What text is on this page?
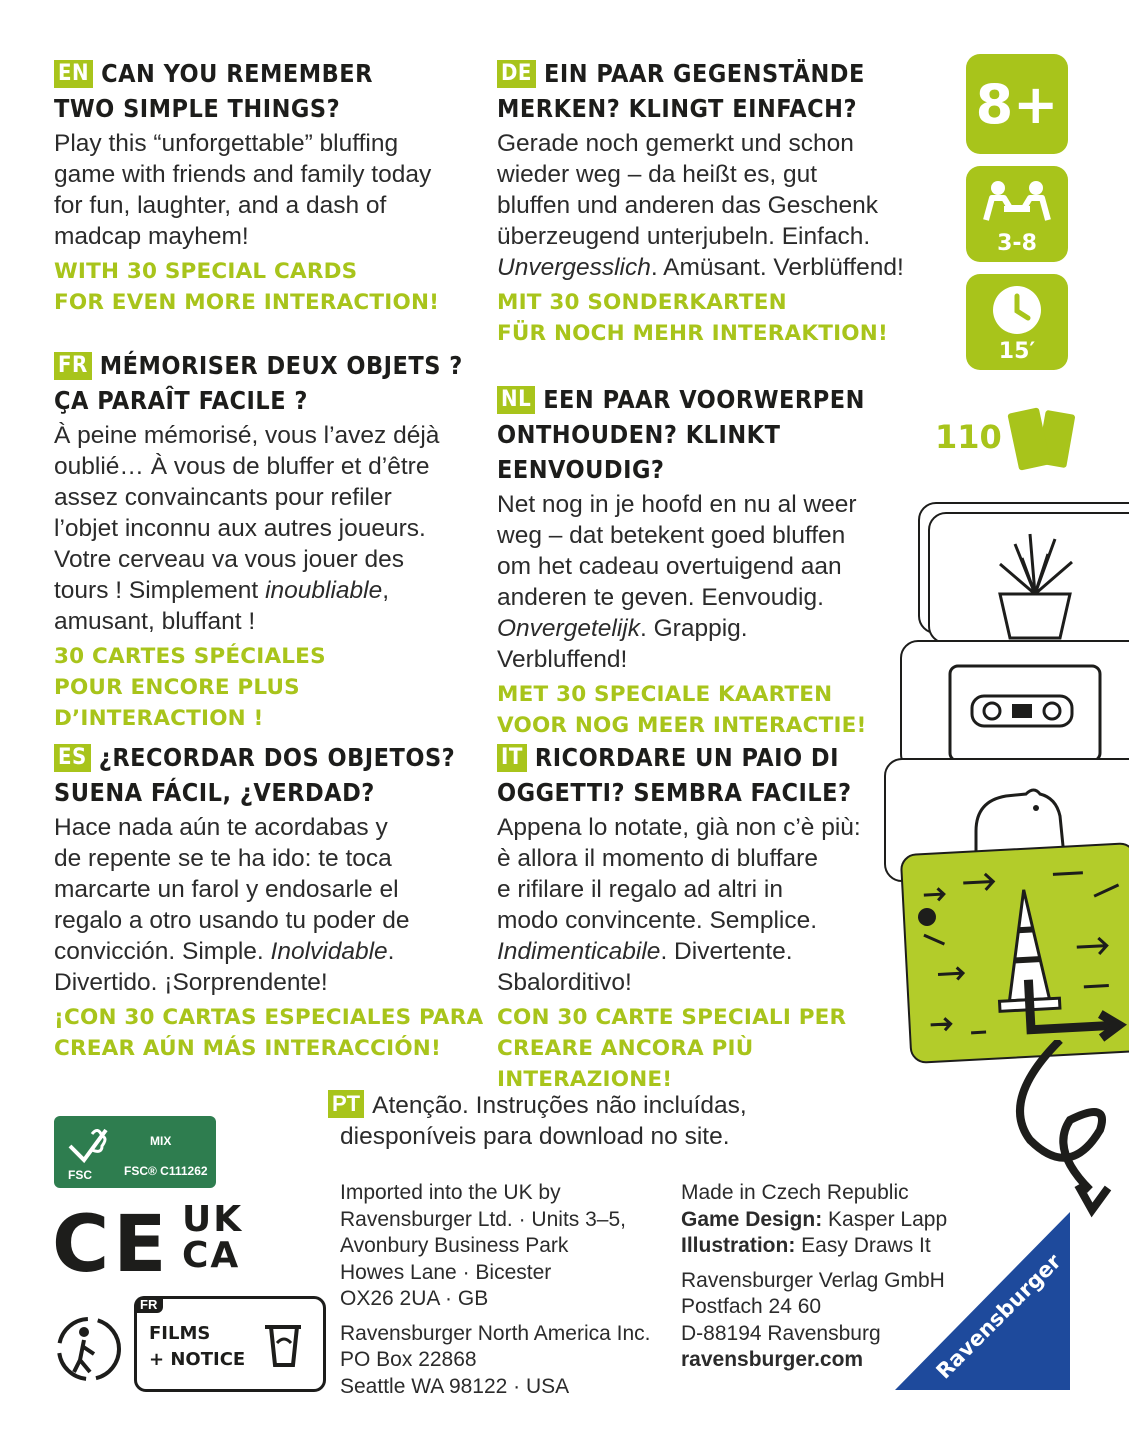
EN CAN YOU REMEMBER
TWO SIMPLE THINGS?
Play this “unforgettable” bluffing
game with friends and family today
for fun, laughter, and a dash of
madcap mayhem!
WITH 30 SPECIAL CARDS
FOR EVEN MORE INTERACTION!
DE EIN PAAR GEGENSTÄNDE
MERKEN? KLINGT EINFACH?
Gerade noch gemerkt und schon
wieder weg – da heißt es, gut
bluffen und anderen das Geschenk
überzeugend unterjubeln. Einfach.
Unvergesslich. Amüsant. Verblüffend!
MIT 30 SONDERKARTEN
FÜR NOCH MEHR INTERAKTION!
FR MÉMORISER DEUX OBJETS ?
ÇA PARAÎT FACILE ?
À peine mémorisé, vous l’avez déjà
oublié… À vous de bluffer et d’être
assez convaincants pour refiler
l’objet inconnu aux autres joueurs.
Votre cerveau va vous jouer des
tours ! Simplement inoubliable,
amusant, bluffant !
30 CARTES SPÉCIALES
POUR ENCORE PLUS D’INTERACTION !
NL EEN PAAR VOORWERPEN
ONTHOUDEN? KLINKT EENVOUDIG?
Net nog in je hoofd en nu al weer
weg – dat betekent goed bluffen
om het cadeau overtuigend aan
anderen te geven. Eenvoudig.
Onvergetelijk. Grappig.
Verbluffend!
MET 30 SPECIALE KAARTEN
VOOR NOG MEER INTERACTIE!
ES ¿RECORDAR DOS OBJETOS?
SUENA FÁCIL, ¿VERDAD?
Hace nada aún te acordabas y
de repente se te ha ido: te toca
marcarte un farol y endosarle el
regalo a otro usando tu poder de
convicción. Simple. Inolvidable.
Divertido. ¡Sorprendente!
¡CON 30 CARTAS ESPECIALES PARA
CREAR AÚN MÁS INTERACCIÓN!
IT RICORDARE UN PAIO DI
OGGETTI? SEMBRA FACILE?
Appena lo notate, già non c’è più:
è allora il momento di bluffare
e rifilare il regalo ad altri in
modo convincente. Semplice.
Indimenticabile. Divertente.
Sbalorditivo!
CON 30 CARTE SPECIALI PER
CREARE ANCORA PIÙ INTERAZIONE!
8+
3-8
15′
110
PT Atenção. Instruções não incluídas,
diesponíveis para download no site.
FSC
MIX
FSC® C111262
CE UK
CA
FR
FILMS
+ NOTICE
Imported into the UK by
Ravensburger Ltd. · Units 3–5,
Avonbury Business Park
Howes Lane · Bicester
OX26 2UA · GB
Ravensburger North America Inc.
PO Box 22868
Seattle WA 98122 · USA
Made in Czech Republic
Game Design: Kasper Lapp
Illustration: Easy Draws It
Ravensburger Verlag GmbH
Postfach 24 60
D-88194 Ravensburg
ravensburger.com	Ravensburger
